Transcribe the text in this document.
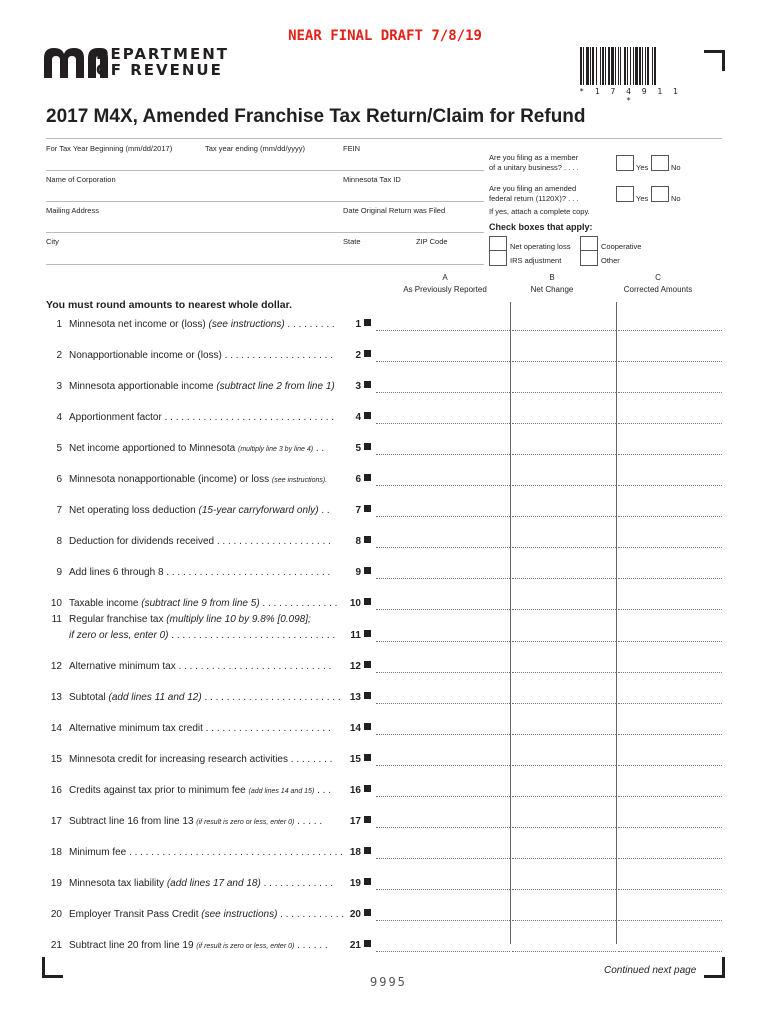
NEAR FINAL DRAFT 7/8/19
DEPARTMENT
OF REVENUE
* 1 7 4 9 1 1 *
2017 M4X, Amended Franchise Tax Return/Claim for Refund
For Tax Year Beginning (mm/dd/2017)	Tax year ending (mm/dd/yyyy)	FEIN
Name of Corporation	Minnesota Tax ID
Mailing Address	Date Original Return was Filed
City	State	ZIP Code
Are you filing as a member
of a unitary business? . . . .	Yes	No
Are you filing an amended
federal return (1120X)? . . .
If yes, attach a complete copy.
Yes	No
Check boxes that apply:
Net operating loss	Cooperative
IRS adjustment	Other
A
As Previously Reported
B
Net Change
C
Corrected Amounts
You must round amounts to nearest whole dollar.
1 Minnesota net income or (loss) (see instructions) . . . . . . . . . 1
2 Nonapportionable income or (loss) . . . . . . . . . . . . . . . . . . . . 2
3 Minnesota apportionable income (subtract line 2 from line 1) 3
4 Apportionment factor . . . . . . . . . . . . . . . . . . . . . . . . . . . . . . . 4
5 Net income apportioned to Minnesota (multiply line 3 by line 4) . .	5
6 Minnesota nonapportionable (income) or loss (see instructions).	6
7 Net operating loss deduction (15-year carryforward only) . .	7
8 Deduction for dividends received . . . . . . . . . . . . . . . . . . . . . 8
9 Add lines 6 through 8 . . . . . . . . . . . . . . . . . . . . . . . . . . . . . .	9
10 Taxable income (subtract line 9 from line 5) . . . . . . . . . . . . . . 10
11 Regular franchise tax (multiply line 10 by 9.8% [0.098];
if zero or less, enter 0) . . . . . . . . . . . . . . . . . . . . . . . . . . . . . . 11
12 Alternative minimum tax . . . . . . . . . . . . . . . . . . . . . . . . . . . . 12
13 Subtotal (add lines 11 and 12) . . . . . . . . . . . . . . . . . . . . . . . . . 13
14 Alternative minimum tax credit . . . . . . . . . . . . . . . . . . . . . . . 14
15 Minnesota credit for increasing research activities . . . . . . . . 15
16 Credits against tax prior to minimum fee (add lines 14 and 15) . . . 16
17 Subtract line 16 from line 13 (if result is zero or less, enter 0) . . . . .	17
18 Minimum fee . . . . . . . . . . . . . . . . . . . . . . . . . . . . . . . . . . . . . . . 18
19 Minnesota tax liability (add lines 17 and 18) . . . . . . . . . . . . . 19
20 Employer Transit Pass Credit (see instructions) . . . . . . . . . . . . 20
21 Subtract line 20 from line 19 (if result is zero or less, enter 0) . . . . . . 21
9995
Continued next page
